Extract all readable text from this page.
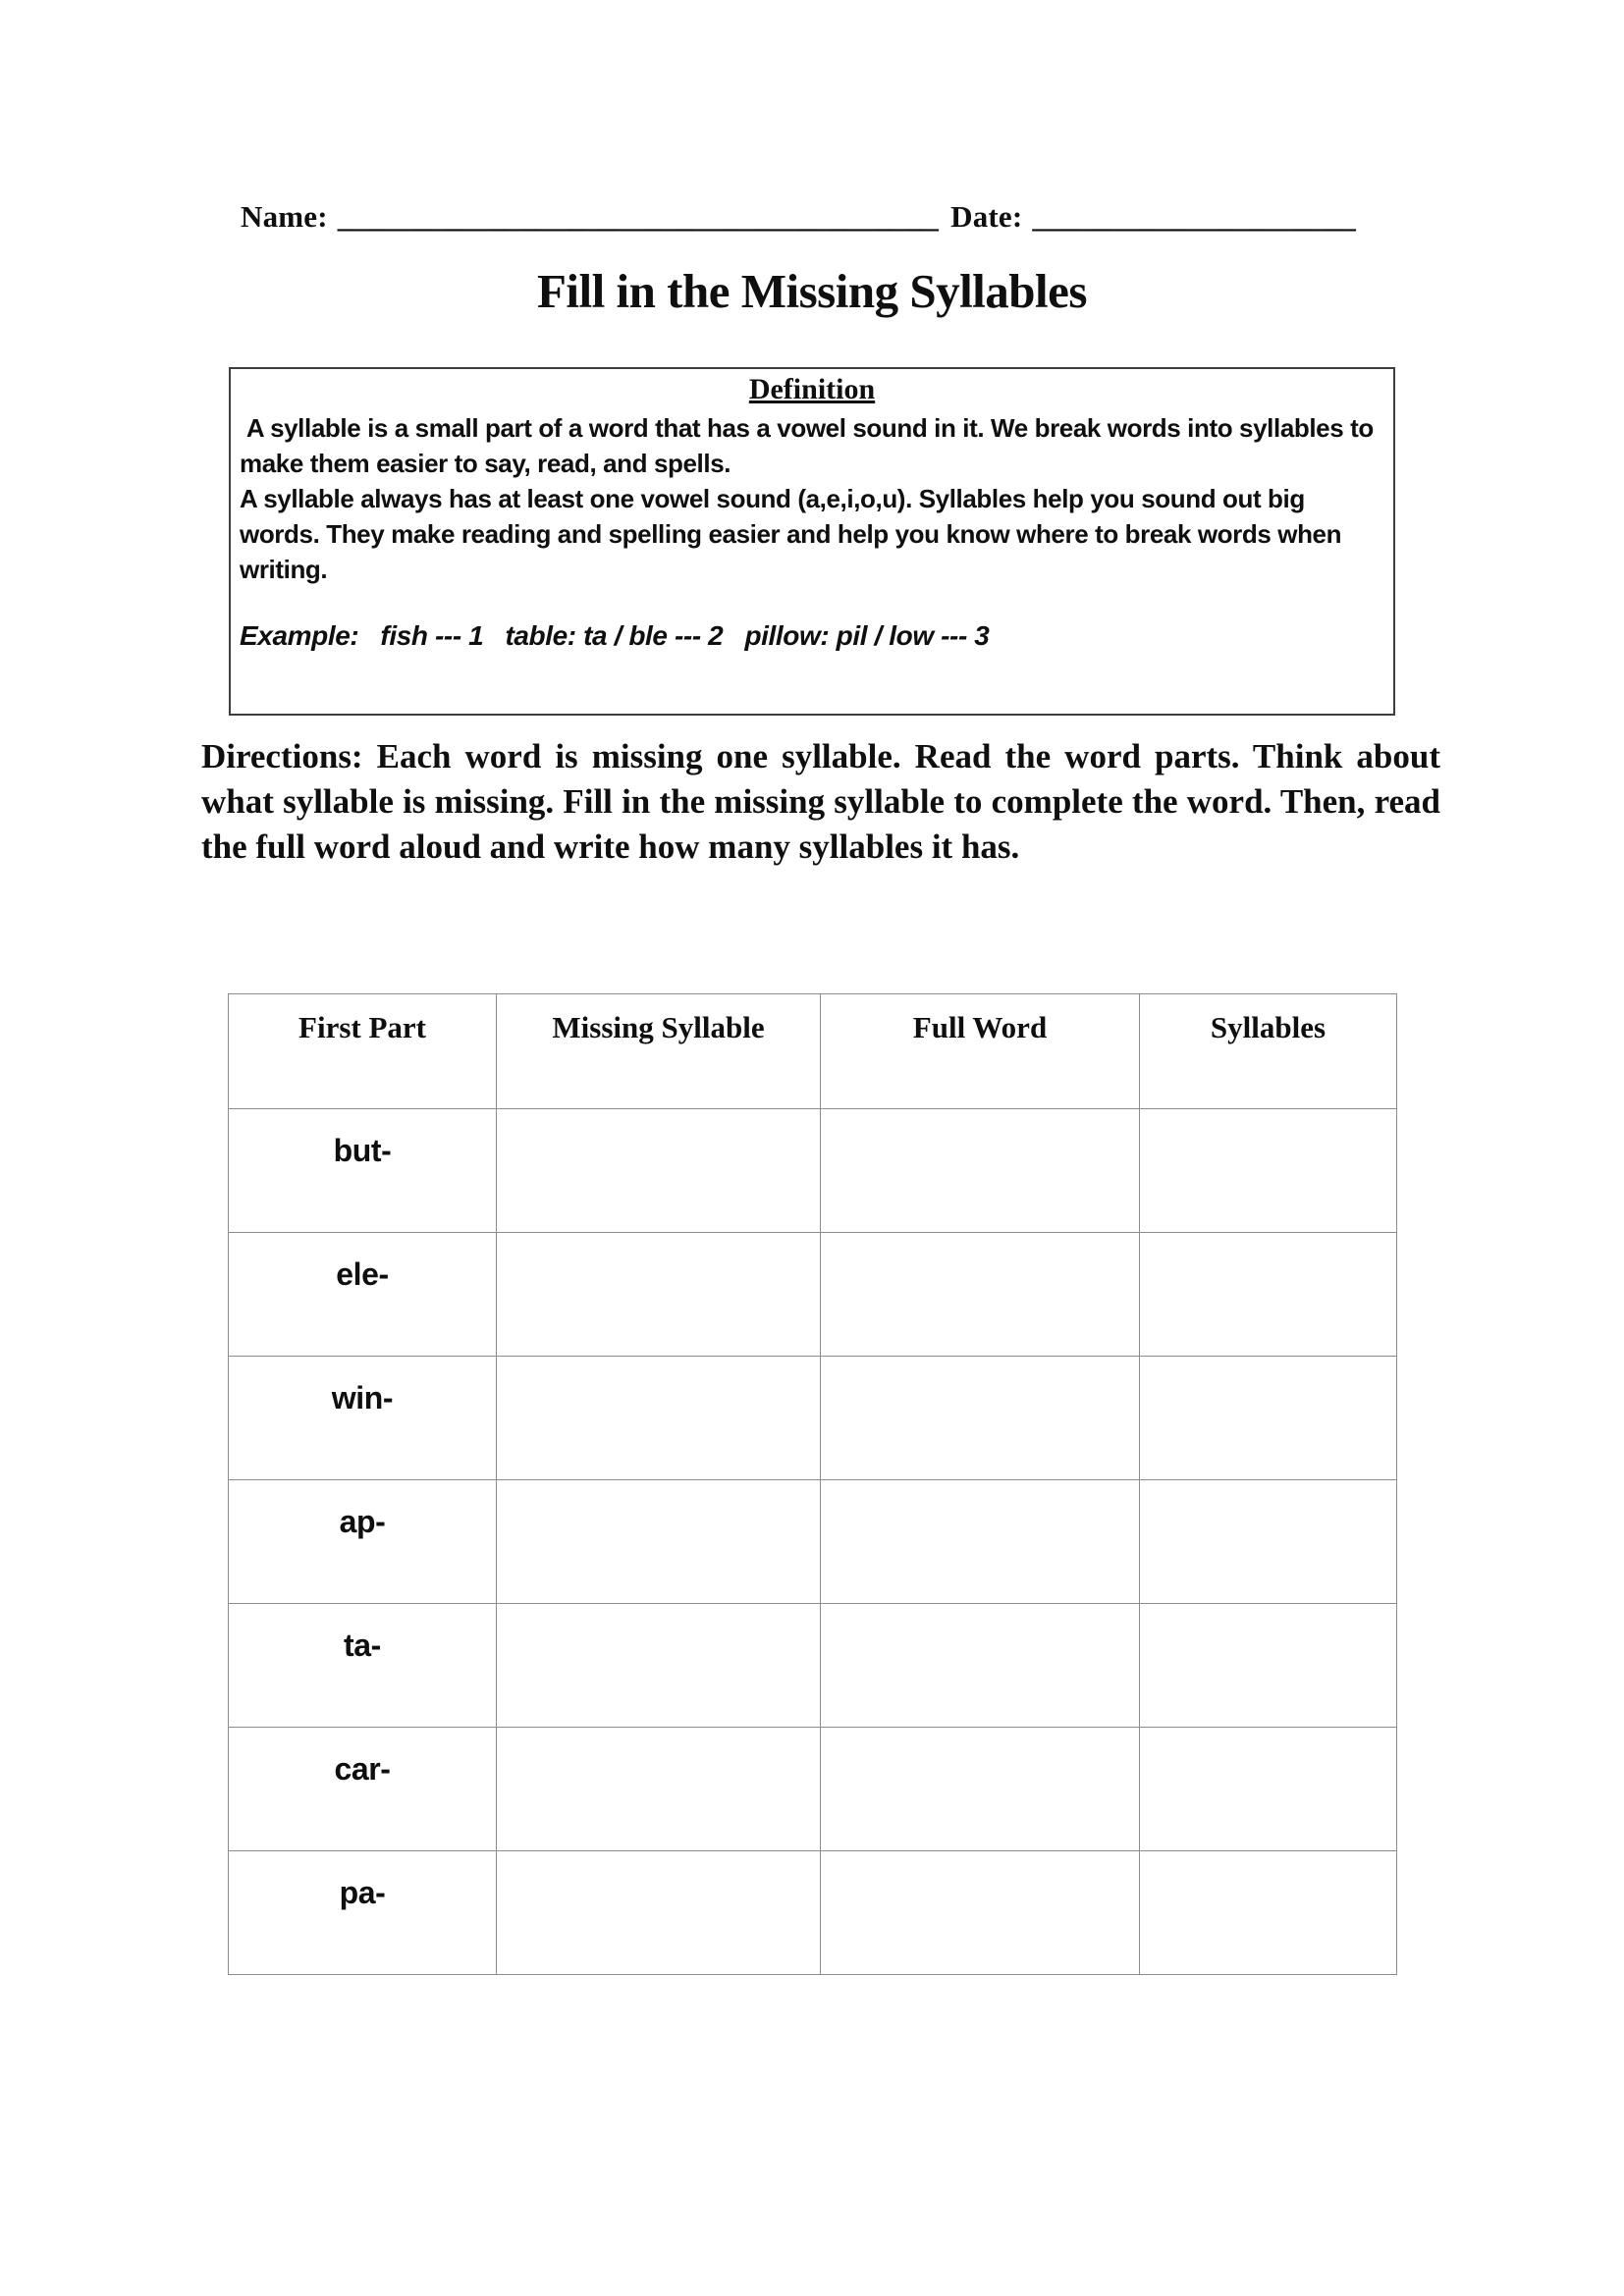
Name: _______________________________________ Date: _____________________
Fill in the Missing Syllables
Definition

A syllable is a small part of a word that has a vowel sound in it. We break words into syllables to make them easier to say, read, and spells.

A syllable always has at least one vowel sound (a,e,i,o,u). Syllables help you sound out big words. They make reading and spelling easier and help you know where to break words when writing.

Example:   fish --- 1   table: ta / ble --- 2   pillow: pil / low --- 3
Directions: Each word is missing one syllable. Read the word parts. Think about what syllable is missing. Fill in the missing syllable to complete the word. Then, read the full word aloud and write how many syllables it has.
First Part	Missing Syllable	Full Word	Syllables
but-			
ele-			
win-			
ap-			
ta-			
car-			
pa-			
